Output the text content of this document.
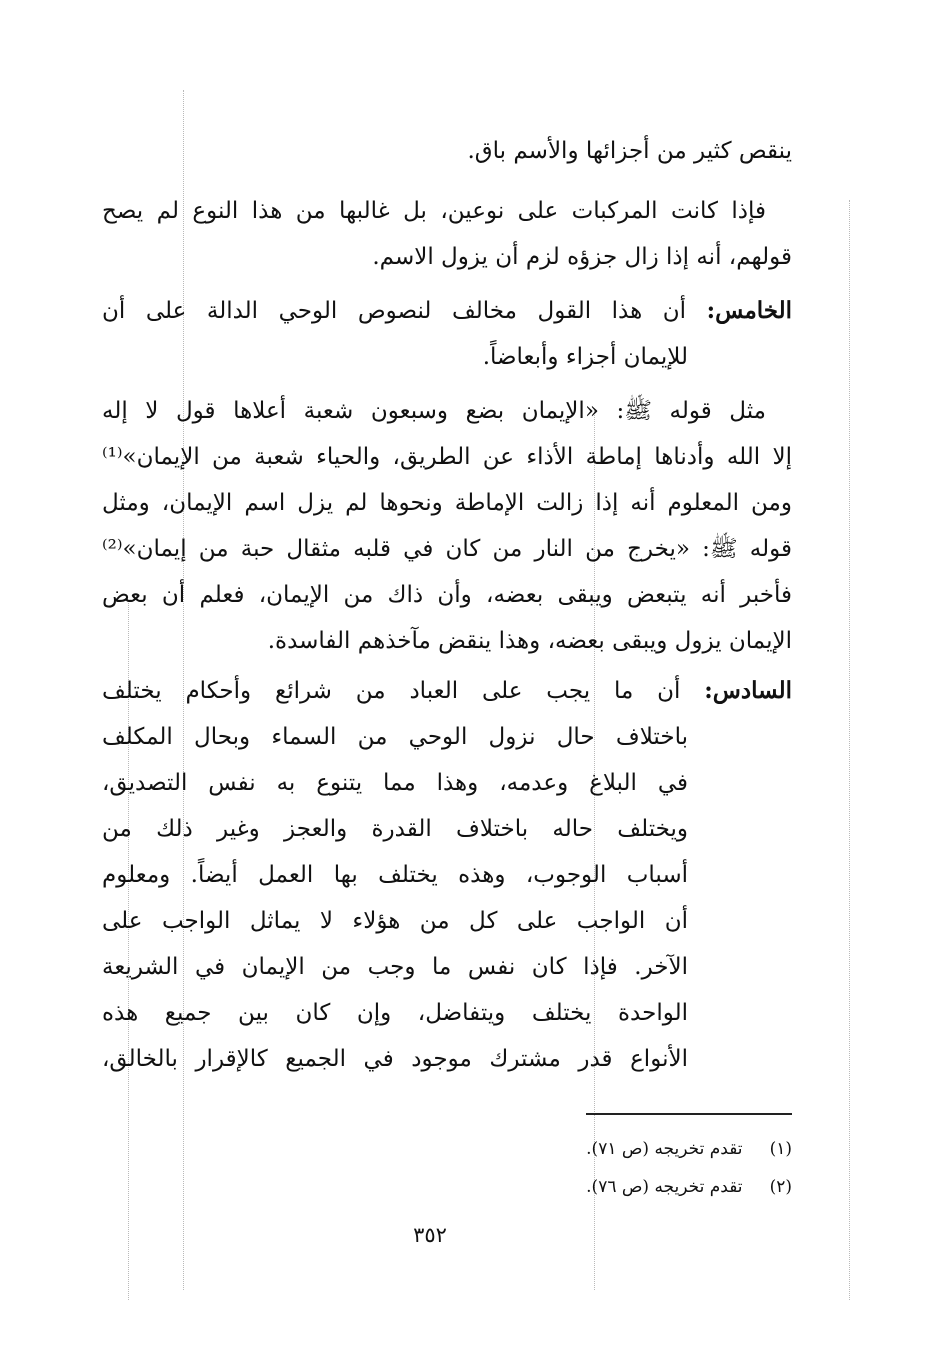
ينقص كثير من أجزائها والأسم باق.
فإذا كانت المركبات على نوعين، بل غالبها من هذا النوع لم يصح
قولهم، أنه إذا زال جزؤه لزم أن يزول الاسم.
الخامس: أن هذا القول مخالف لنصوص الوحي الدالة على أن
للإيمان أجزاء وأبعاضاً.
مثل قوله ﷺ: «الإيمان بضع وسبعون شعبة أعلاها قول لا إله
إلا الله وأدناها إماطة الأذاء عن الطريق، والحياء شعبة من الإيمان»⁽¹⁾
ومن المعلوم أنه إذا زالت الإماطة ونحوها لم يزل اسم الإيمان، ومثل
قوله ﷺ: «يخرج من النار من كان في قلبه مثقال حبة من إيمان»⁽²⁾
فأخبر أنه يتبعض ويبقى بعضه، وأن ذاك من الإيمان، فعلم أن بعض
الإيمان يزول ويبقى بعضه، وهذا ينقض مآخذهم الفاسدة.
السادس: أن ما يجب على العباد من شرائع وأحكام يختلف
باختلاف حال نزول الوحي من السماء وبحال المكلف
في البلاغ وعدمه، وهذا مما يتنوع به نفس التصديق،
ويختلف حاله باختلاف القدرة والعجز وغير ذلك من
أسباب الوجوب، وهذه يختلف بها العمل أيضاً. ومعلوم
أن الواجب على كل من هؤلاء لا يماثل الواجب على
الآخر. فإذا كان نفس ما وجب من الإيمان في الشريعة
الواحدة يختلف ويتفاضل، وإن كان بين جميع هذه
الأنواع قدر مشترك موجود في الجميع كالإقرار بالخالق،
(١)     تقدم تخريجه (ص ٧١).
(٢)     تقدم تخريجه (ص ٧٦).
٣٥٢
